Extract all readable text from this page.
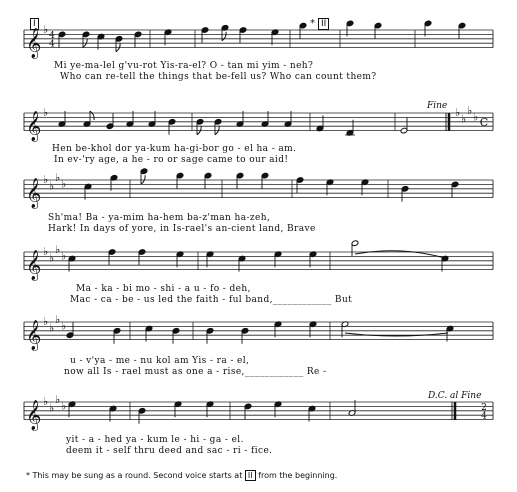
𝄞 ♭ 4
4
𝄞 ♭
𝄞 ♭
♭
♭
♭
𝄞 ♭
♭
♭
♭
𝄞 ♭
♭
♭
♭
𝄞 ♭
♭
♭
♭
♭
♭
♭
♭ C
2
4
I	* II
Fine
D.C. al Fine
Mi ye-ma-lel g'vu-rot Yis-ra-el? O - tan mi yim - neh?
Who can re-tell the things that be-fell us? Who can count them?
Hen be-khol dor ya-kum ha-gi-bor go - el ha - am.
In ev-'ry age, a he - ro or sage came to our aid!
Sh'ma! Ba - ya-mim ha-hem ba-z'man ha-zeh,
Hark! In days of yore, in Is-rael's an-cient land, Brave
Ma - ka - bi mo - shi - a u - fo - deh,
Mac - ca - be - us led the faith - ful band,____________ But
u - v'ya - me - nu kol am Yis - ra - el,
now all Is - rael must as one a - rise,____________ Re -
yit - a - hed ya - kum le - hi - ga - el.
deem it - self thru deed and sac - ri - fice.
* This may be sung as a round. Second voice starts at II from the beginning.
